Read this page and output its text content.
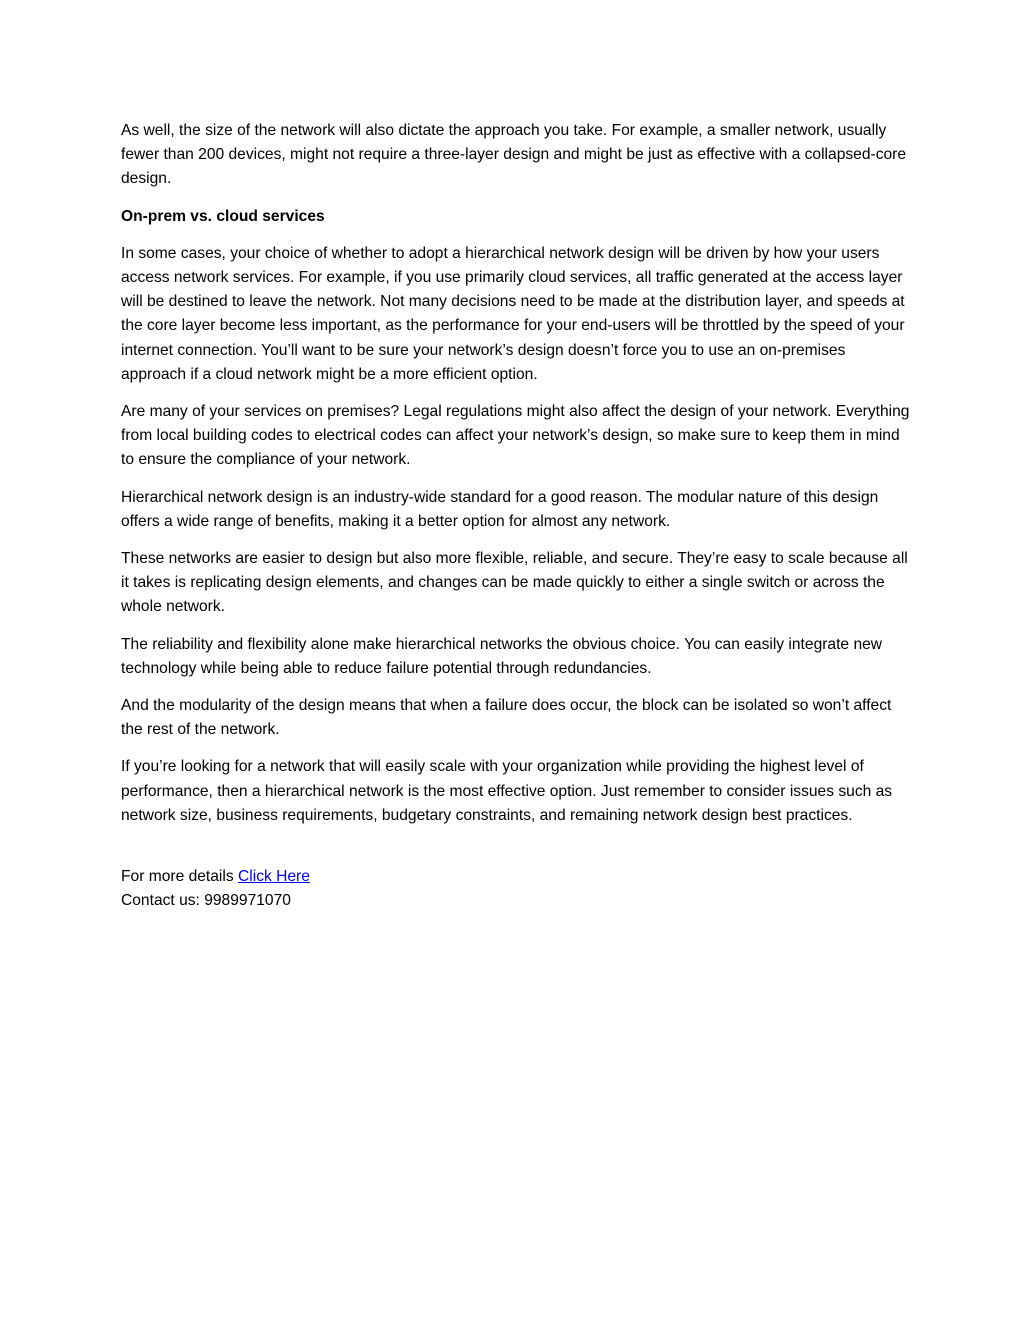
As well, the size of the network will also dictate the approach you take. For example, a smaller network, usually fewer than 200 devices, might not require a three-layer design and might be just as effective with a collapsed-core design.

On-prem vs. cloud services

In some cases, your choice of whether to adopt a hierarchical network design will be driven by how your users access network services. For example, if you use primarily cloud services, all traffic generated at the access layer will be destined to leave the network. Not many decisions need to be made at the distribution layer, and speeds at the core layer become less important, as the performance for your end-users will be throttled by the speed of your internet connection. You’ll want to be sure your network’s design doesn’t force you to use an on-premises approach if a cloud network might be a more efficient option.

Are many of your services on premises? Legal regulations might also affect the design of your network. Everything from local building codes to electrical codes can affect your network’s design, so make sure to keep them in mind to ensure the compliance of your network.

Hierarchical network design is an industry-wide standard for a good reason. The modular nature of this design offers a wide range of benefits, making it a better option for almost any network.

These networks are easier to design but also more flexible, reliable, and secure. They’re easy to scale because all it takes is replicating design elements, and changes can be made quickly to either a single switch or across the whole network.

The reliability and flexibility alone make hierarchical networks the obvious choice. You can easily integrate new technology while being able to reduce failure potential through redundancies.

And the modularity of the design means that when a failure does occur, the block can be isolated so won’t affect the rest of the network.

If you’re looking for a network that will easily scale with your organization while providing the highest level of performance, then a hierarchical network is the most effective option. Just remember to consider issues such as network size, business requirements, budgetary constraints, and remaining network design best practices.

For more details Click Here
Contact us: 9989971070
